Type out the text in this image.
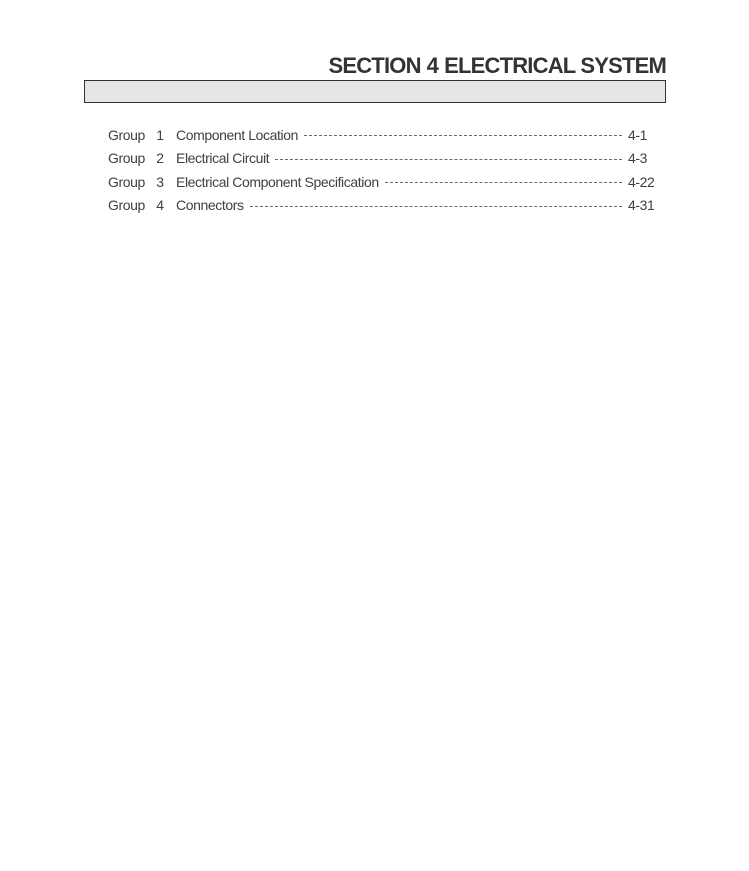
SECTION 4 ELECTRICAL SYSTEM
Group 1 Component Location	4-1
Group 2 Electrical Circuit	4-3
Group 3 Electrical Component Specification	4-22
Group 4 Connectors	4-31
